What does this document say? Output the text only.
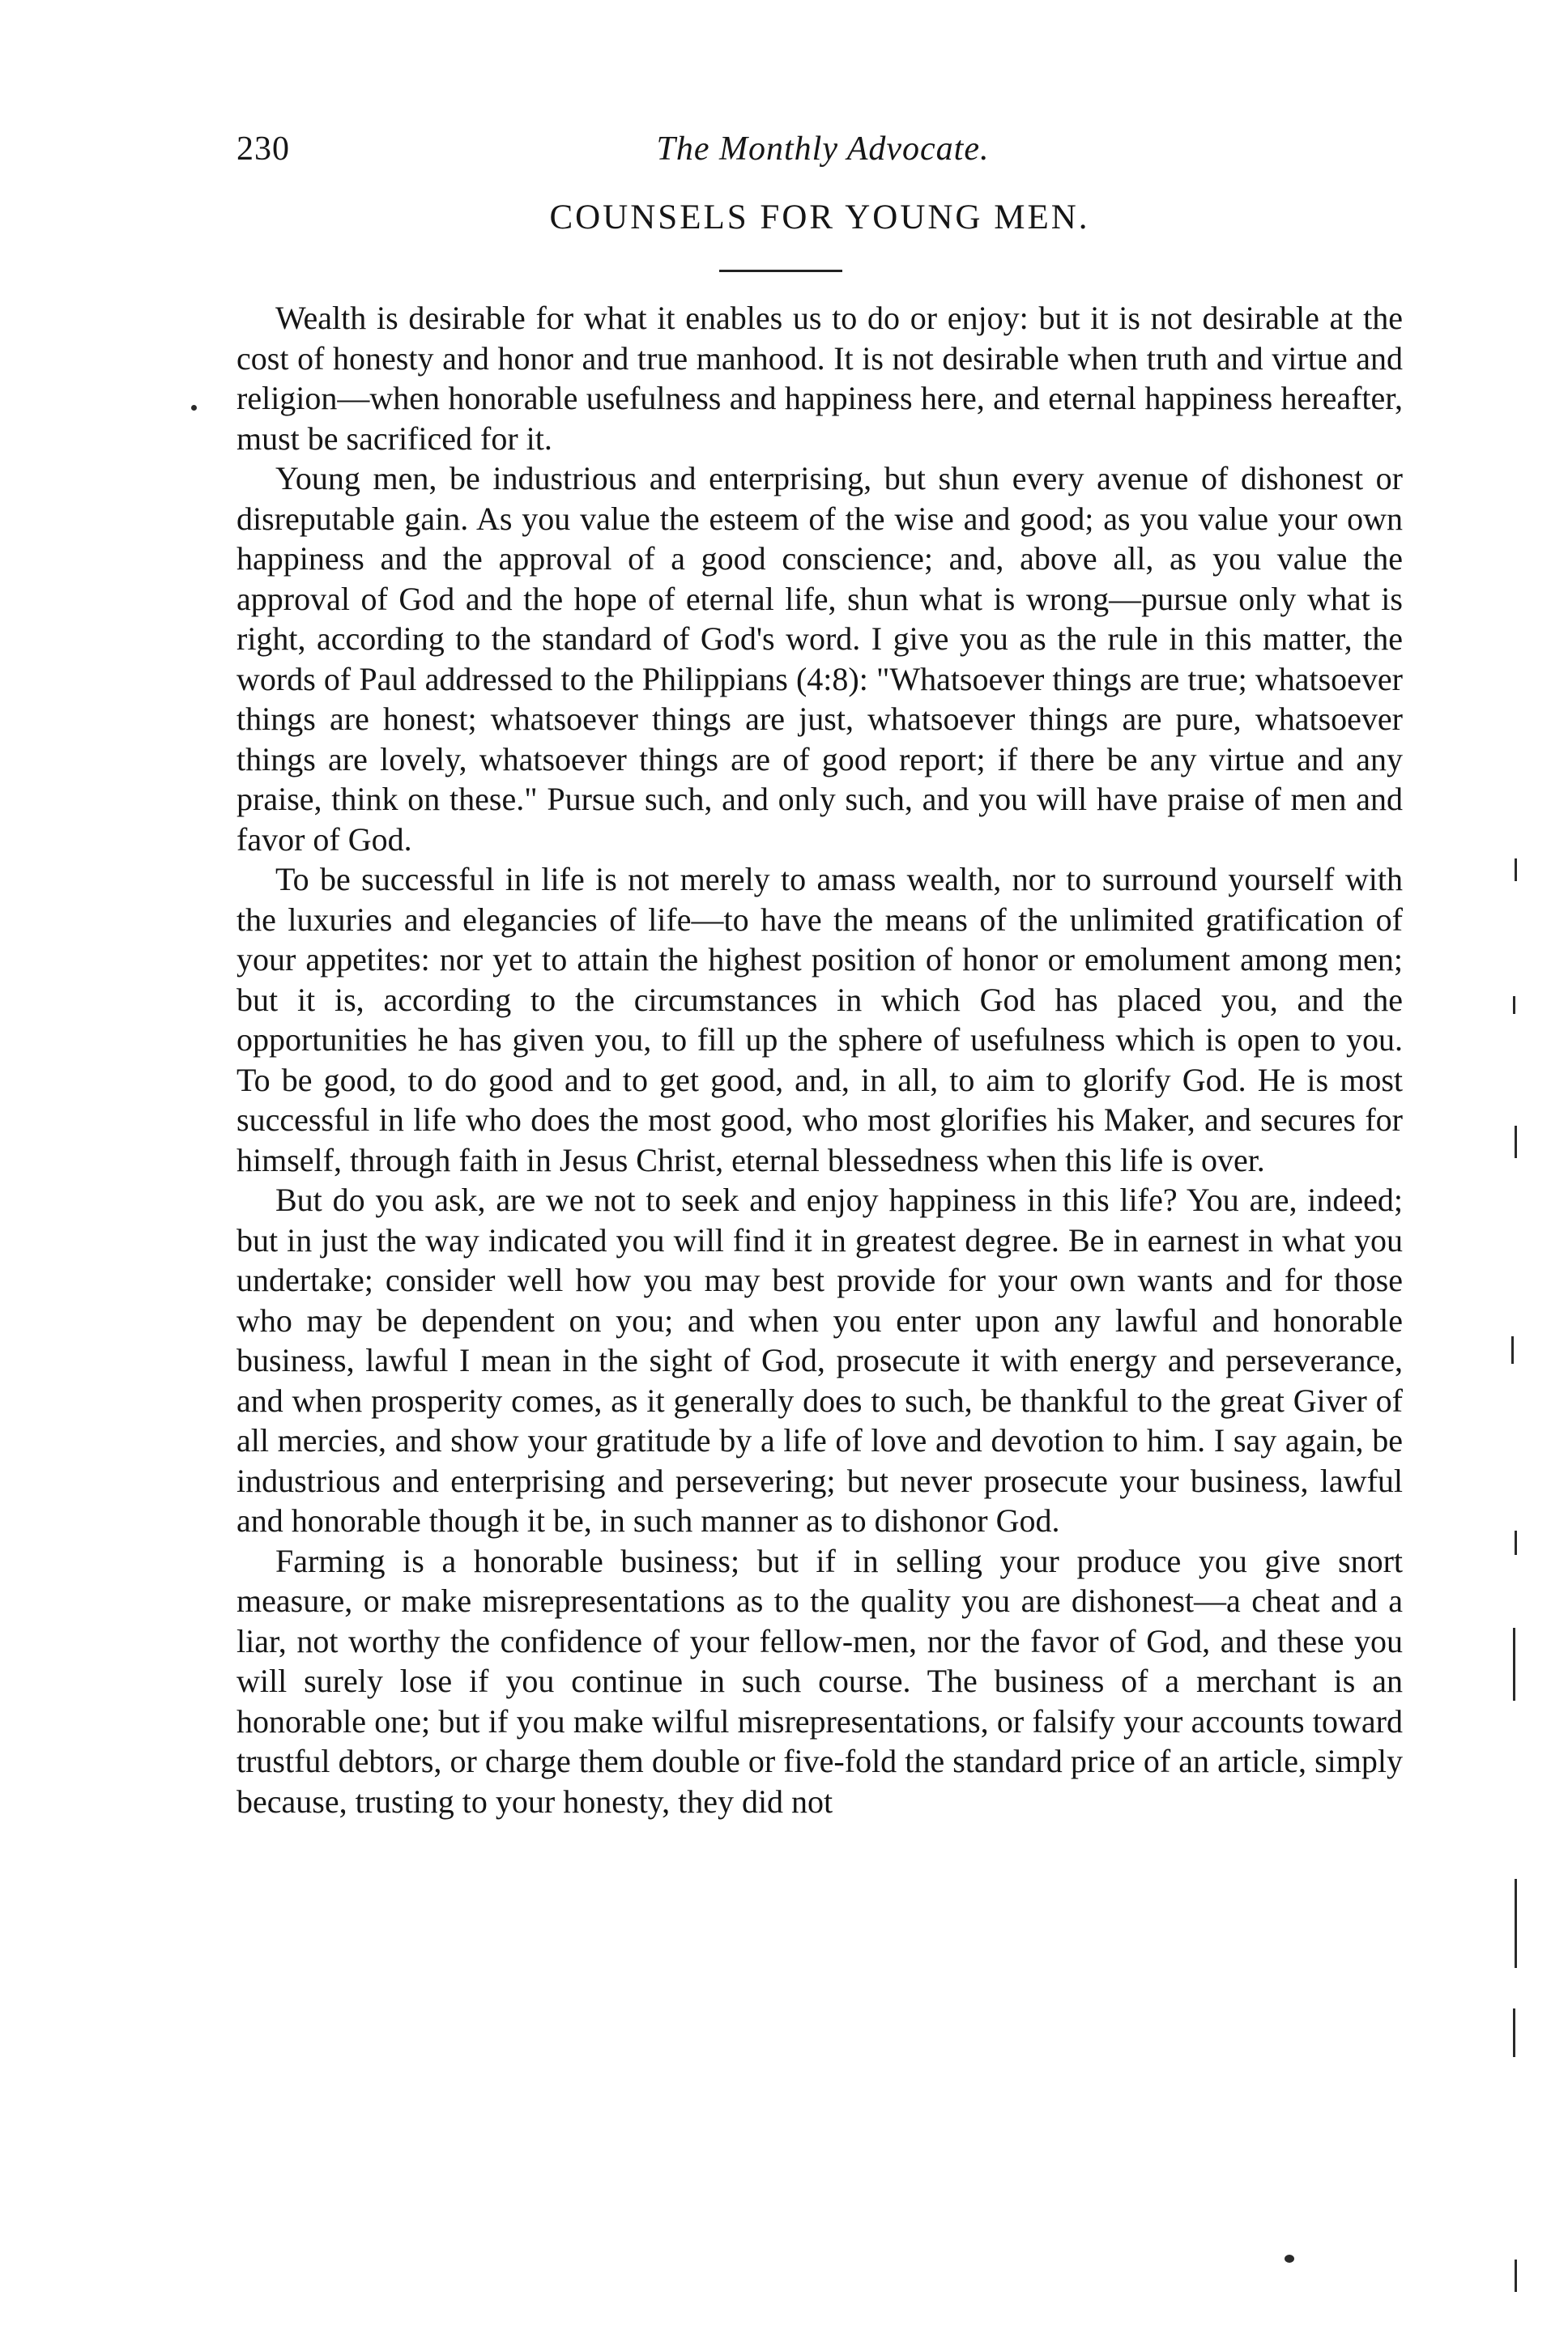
230	The Monthly Advocate.
COUNSELS FOR YOUNG MEN.

Wealth is desirable for what it enables us to do or enjoy: but it is not desirable at the cost of honesty and honor and true manhood. It is not desirable when truth and virtue and religion—when honorable usefulness and happiness here, and eternal happiness hereafter, must be sacrificed for it.

Young men, be industrious and enterprising, but shun every avenue of dishonest or disreputable gain. As you value the esteem of the wise and good; as you value your own happiness and the approval of a good conscience; and, above all, as you value the approval of God and the hope of eternal life, shun what is wrong—pursue only what is right, according to the standard of God's word. I give you as the rule in this matter, the words of Paul addressed to the Philippians (4:8): "Whatsoever things are true; whatsoever things are honest; whatsoever things are just, whatsoever things are pure, whatsoever things are lovely, whatsoever things are of good report; if there be any virtue and any praise, think on these." Pursue such, and only such, and you will have praise of men and favor of God.

To be successful in life is not merely to amass wealth, nor to surround yourself with the luxuries and elegancies of life—to have the means of the unlimited gratification of your appetites: nor yet to attain the highest position of honor or emolument among men; but it is, according to the circumstances in which God has placed you, and the opportunities he has given you, to fill up the sphere of usefulness which is open to you. To be good, to do good and to get good, and, in all, to aim to glorify God. He is most successful in life who does the most good, who most glorifies his Maker, and secures for himself, through faith in Jesus Christ, eternal blessedness when this life is over.

But do you ask, are we not to seek and enjoy happiness in this life? You are, indeed; but in just the way indicated you will find it in greatest degree. Be in earnest in what you undertake; consider well how you may best provide for your own wants and for those who may be dependent on you; and when you enter upon any lawful and honorable business, lawful I mean in the sight of God, prosecute it with energy and perseverance, and when prosperity comes, as it generally does to such, be thankful to the great Giver of all mercies, and show your gratitude by a life of love and devotion to him. I say again, be industrious and enterprising and persevering; but never prosecute your business, lawful and honorable though it be, in such manner as to dishonor God.

Farming is a honorable business; but if in selling your produce you give snort measure, or make misrepresentations as to the quality you are dishonest—a cheat and a liar, not worthy the confidence of your fellow-men, nor the favor of God, and these you will surely lose if you continue in such course. The business of a merchant is an honorable one; but if you make wilful misrepresentations, or falsify your accounts toward trustful debtors, or charge them double or five-fold the standard price of an article, simply because, trusting to your honesty, they did not
